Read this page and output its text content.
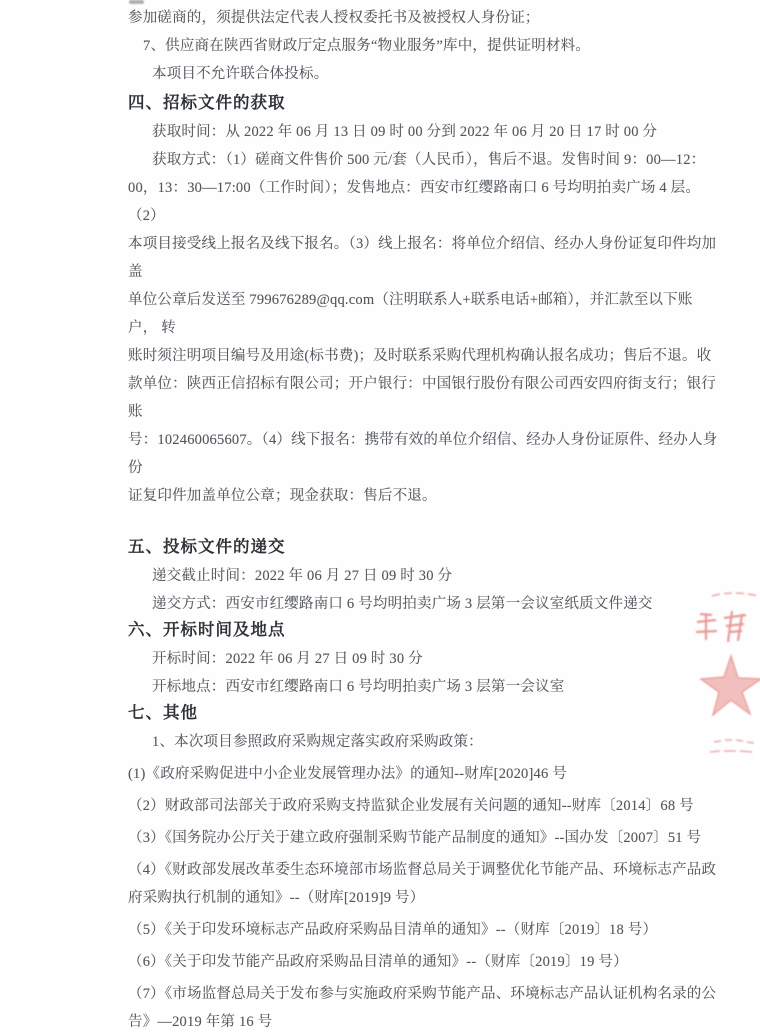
参加磋商的，须提供法定代表人授权委托书及被授权人身份证；
7、供应商在陕西省财政厅定点服务“物业服务”库中，提供证明材料。
本项目不允许联合体投标。
四、招标文件的获取
获取时间：从 2022 年 06 月 13 日 09 时 00 分到 2022 年 06 月 20 日 17 时 00 分
获取方式：（1）磋商文件售价 500 元/套（人民币），售后不退。发售时间 9：00—12：
00，13：30—17:00（工作时间）；发售地点：西安市红缨路南口 6 号均明拍卖广场 4 层。（2）
本项目接受线上报名及线下报名。（3）线上报名：将单位介绍信、经办人身份证复印件均加盖
单位公章后发送至 799676289@qq.com（注明联系人+联系电话+邮箱），并汇款至以下账户， 转
账时须注明项目编号及用途(标书费)；及时联系采购代理机构确认报名成功；售后不退。收
款单位：陕西正信招标有限公司；开户银行：中国银行股份有限公司西安四府街支行；银行账
号：102460065607。（4）线下报名：携带有效的单位介绍信、经办人身份证原件、经办人身份
证复印件加盖单位公章；现金获取：售后不退。
五、投标文件的递交
递交截止时间：2022 年 06 月 27 日 09 时 30 分
递交方式：西安市红缨路南口 6 号均明拍卖广场 3 层第一会议室纸质文件递交
六、开标时间及地点
开标时间：2022 年 06 月 27 日 09 时 30 分
开标地点：西安市红缨路南口 6 号均明拍卖广场 3 层第一会议室
七、其他
1、本次项目参照政府采购规定落实政府采购政策：
(1)《政府采购促进中小企业发展管理办法》的通知--财库[2020]46 号
（2）财政部司法部关于政府采购支持监狱企业发展有关问题的通知--财库〔2014〕68 号
（3）《国务院办公厅关于建立政府强制采购节能产品制度的通知》--国办发〔2007〕51 号
（4）《财政部发展改革委生态环境部市场监督总局关于调整优化节能产品、环境标志产品政
府采购执行机制的通知》--（财库[2019]9 号）
（5）《关于印发环境标志产品政府采购品目清单的通知》--（财库〔2019〕18 号）
（6）《关于印发节能产品政府采购品目清单的通知》--（财库〔2019〕19 号）
（7）《市场监督总局关于发布参与实施政府采购节能产品、环境标志产品认证机构名录的公
告》—2019 年第 16 号
